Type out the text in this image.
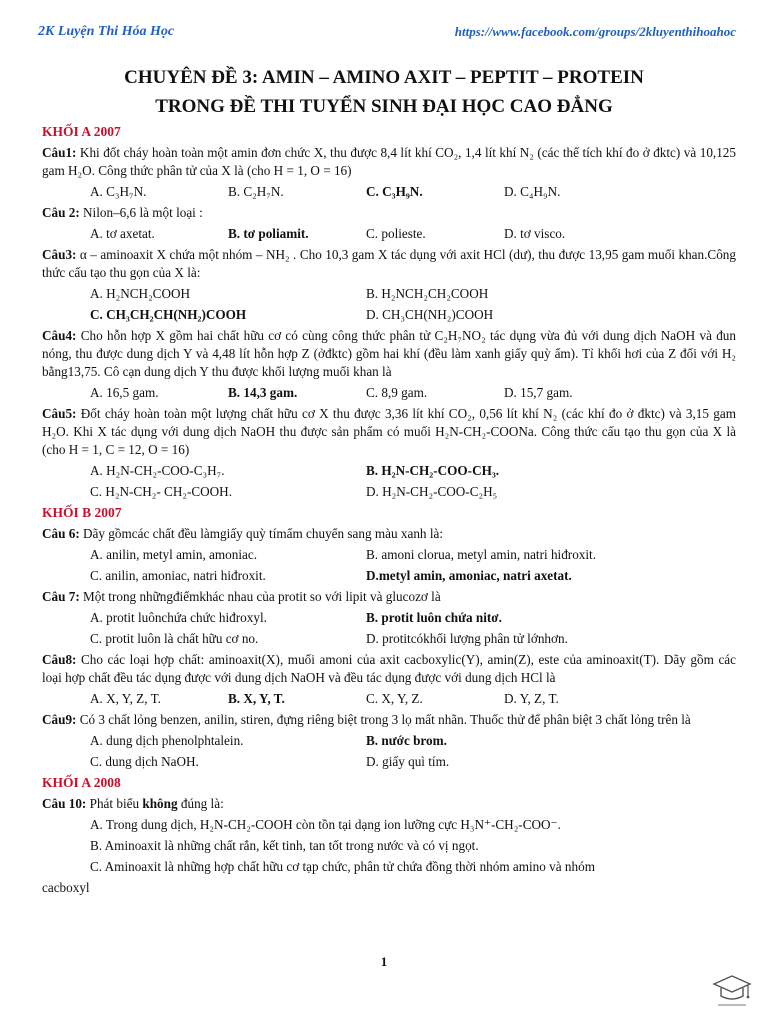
2K Luyện Thi Hóa Học	https://www.facebook.com/groups/2kluyenthihoahoc
CHUYÊN ĐỀ 3: AMIN – AMINO AXIT – PEPTIT – PROTEIN
TRONG ĐỀ THI TUYỂN SINH ĐẠI HỌC CAO ĐẲNG
KHỐI A 2007
Câu1: Khi đốt cháy hoàn toàn một amin đơn chức X, thu được 8,4 lít khí CO₂, 1,4 lít khí N₂ (các thể tích khí đo ở đktc) và 10,125 gam H₂O. Công thức phân tử của X là (cho H = 1, O = 16)
A. C₃H₇N.	B. C₂H₇N.	C. C₃H₉N.	D. C₄H₉N.
Câu 2: Nilon–6,6 là một loại :
A. tơ axetat.	B. tơ poliamit.	C. polieste.	D. tơ visco.
Câu3: α – aminoaxit X chứa một nhóm – NH₂ . Cho 10,3 gam X tác dụng với axit HCl (dư), thu được 13,95 gam muối khan.Công thức cấu tạo thu gọn của X là:
A. H₂NCH₂COOH	B. H₂NCH₂CH₂COOH
C. CH₃CH₂CH(NH₂)COOH	D. CH₃CH(NH₂)COOH
Câu4: Cho hỗn hợp X gồm hai chất hữu cơ có cùng công thức phân tử C₂H₇NO₂ tác dụng vừa đủ với dung dịch NaOH và đun nóng, thu được dung dịch Y và 4,48 lít hỗn hợp Z (ởđktc) gồm hai khí (đều làm xanh giấy quỳ ẩm). Tỉ khối hơi của Z đối với H₂ bằng13,75. Cô cạn dung dịch Y thu được khối lượng muối khan là
A. 16,5 gam.	B. 14,3 gam.	C. 8,9 gam.	D. 15,7 gam.
Câu5: Đốt cháy hoàn toàn một lượng chất hữu cơ X thu được 3,36 lít khí CO₂, 0,56 lít khí N₂ (các khí đo ở đktc) và 3,15 gam H₂O. Khi X tác dụng với dung dịch NaOH thu được sản phẩm có muối H₂N-CH₂-COONa. Công thức cấu tạo thu gọn của X là (cho H = 1, C = 12, O = 16)
A. H₂N-CH₂-COO-C₃H₇.	B. H₂N-CH₂-COO-CH₃.
C. H₂N-CH₂- CH₂-COOH.	D. H₂N-CH₂-COO-C₂H₅
KHỐI B 2007
Câu 6: Dãy gồmcác chất đều làmgiấy quỳ tímẩm chuyển sang màu xanh là:
A. anilin, metyl amin, amoniac.	B. amoni clorua, metyl amin, natri hiđroxit.
C. anilin, amoniac, natri hiđroxit.	D.metyl amin, amoniac, natri axetat.
Câu 7: Một trong nhữngđiểmkhác nhau của protit so với lipit và glucozơ là
A. protit luônchứa chức hiđroxyl.	B. protit luôn chứa nitơ.
C. protit luôn là chất hữu cơ no.	D. protitcókhối lượng phân tử lớnhơn.
Câu8: Cho các loại hợp chất: aminoaxit(X), muối amoni của axit cacboxylic(Y), amin(Z), este của aminoaxit(T). Dãy gồm các loại hợp chất đều tác dụng được với dung dịch NaOH và đều tác dụng được với dung dịch HCl là
A. X, Y, Z, T.	B. X, Y, T.	C. X, Y, Z.	D. Y, Z, T.
Câu9: Có 3 chất lỏng benzen, anilin, stiren, đựng riêng biệt trong 3 lọ mất nhãn. Thuốc thử để phân biệt 3 chất lỏng trên là
A. dung dịch phenolphtalein.	B. nước brom.
C. dung dịch NaOH.	D. giấy quì tím.
KHỐI A 2008
Câu 10: Phát biểu không đúng là:
A. Trong dung dịch, H₂N-CH₂-COOH còn tồn tại dạng ion lưỡng cực H₃N⁺-CH₂-COO⁻.
B. Aminoaxit là những chất rắn, kết tinh, tan tốt trong nước và có vị ngọt.
C. Aminoaxit là những hợp chất hữu cơ tạp chức, phân tử chứa đồng thời nhóm amino và nhóm
cacboxyl
1
